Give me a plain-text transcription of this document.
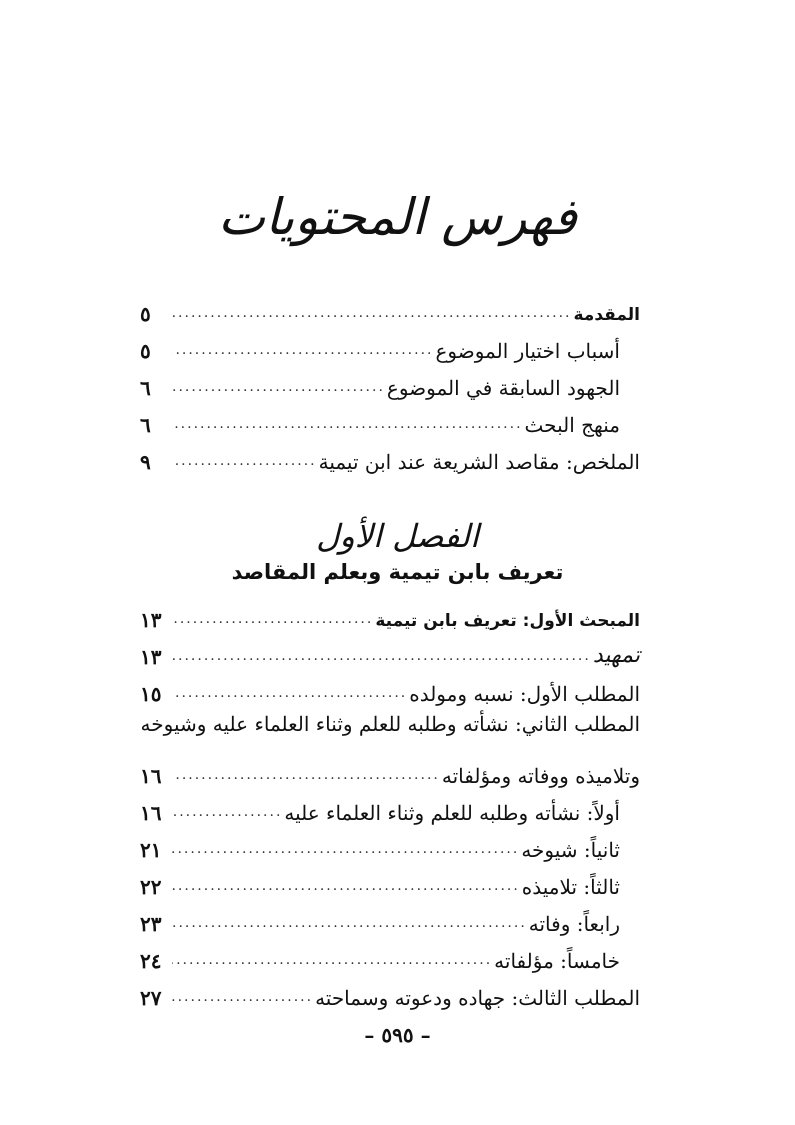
فهرس المحتويات
المقدمة
.....
٥
أسباب اختيار الموضوع
.....
٥
الجهود السابقة في الموضوع
.....
٦
منهج البحث
.....
٦
الملخص: مقاصد الشريعة عند ابن تيمية
.....
٩
الفصل الأول
تعريف بابن تيمية وبعلم المقاصد
المبحث الأول: تعريف بابن تيمية
.....
١٣
تمهيد
.....
١٣
المطلب الأول: نسبه ومولده
.....
١٥
المطلب الثاني: نشأته وطلبه للعلم وثناء العلماء عليه وشيوخه
وتلاميذه ووفاته ومؤلفاته
.....
١٦
أولاً: نشأته وطلبه للعلم وثناء العلماء عليه
.....
١٦
ثانياً: شيوخه
.....
٢١
ثالثاً: تلاميذه
.....
٢٢
رابعاً: وفاته
.....
٢٣
خامساً: مؤلفاته
.....
٢٤
المطلب الثالث: جهاده ودعوته وسماحته
.....
٢٧
– ٥٩٥ –
